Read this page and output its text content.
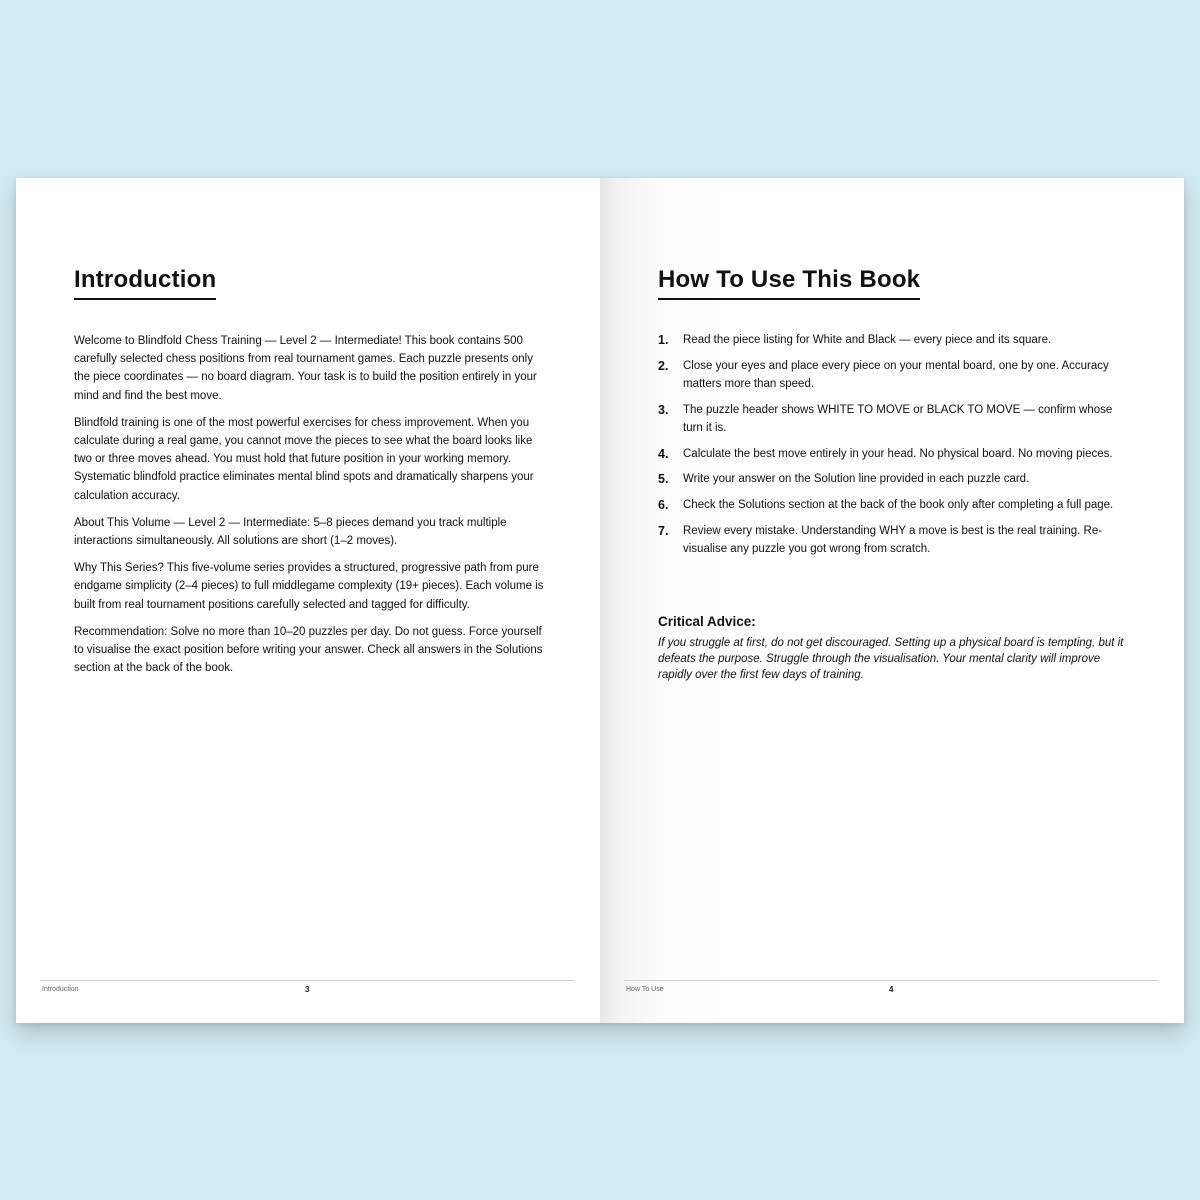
Introduction

Welcome to Blindfold Chess Training — Level 2 — Intermediate! This book contains 500 carefully selected chess positions from real tournament games. Each puzzle presents only the piece coordinates — no board diagram. Your task is to build the position entirely in your mind and find the best move.

Blindfold training is one of the most powerful exercises for chess improvement. When you calculate during a real game, you cannot move the pieces to see what the board looks like two or three moves ahead. You must hold that future position in your working memory. Systematic blindfold practice eliminates mental blind spots and dramatically sharpens your calculation accuracy.

About This Volume — Level 2 — Intermediate: 5–8 pieces demand you track multiple interactions simultaneously. All solutions are short (1–2 moves).

Why This Series? This five-volume series provides a structured, progressive path from pure endgame simplicity (2–4 pieces) to full middlegame complexity (19+ pieces). Each volume is built from real tournament positions carefully selected and tagged for difficulty.

Recommendation: Solve no more than 10–20 puzzles per day. Do not guess. Force yourself to visualise the exact position before writing your answer. Check all answers in the Solutions section at the back of the book.

Introduction	3
How To Use This Book
1. Read the piece listing for White and Black — every piece and its square.
2. Close your eyes and place every piece on your mental board, one by one. Accuracy matters more than speed.
3. The puzzle header shows WHITE TO MOVE or BLACK TO MOVE — confirm whose turn it is.
4. Calculate the best move entirely in your head. No physical board. No moving pieces.
5. Write your answer on the Solution line provided in each puzzle card.
6. Check the Solutions section at the back of the book only after completing a full page.
7. Review every mistake. Understanding WHY a move is best is the real training. Re-visualise any puzzle you got wrong from scratch.
Critical Advice:

If you struggle at first, do not get discouraged. Setting up a physical board is tempting, but it defeats the purpose. Struggle through the visualisation. Your mental clarity will improve rapidly over the first few days of training.

How To Use	4
